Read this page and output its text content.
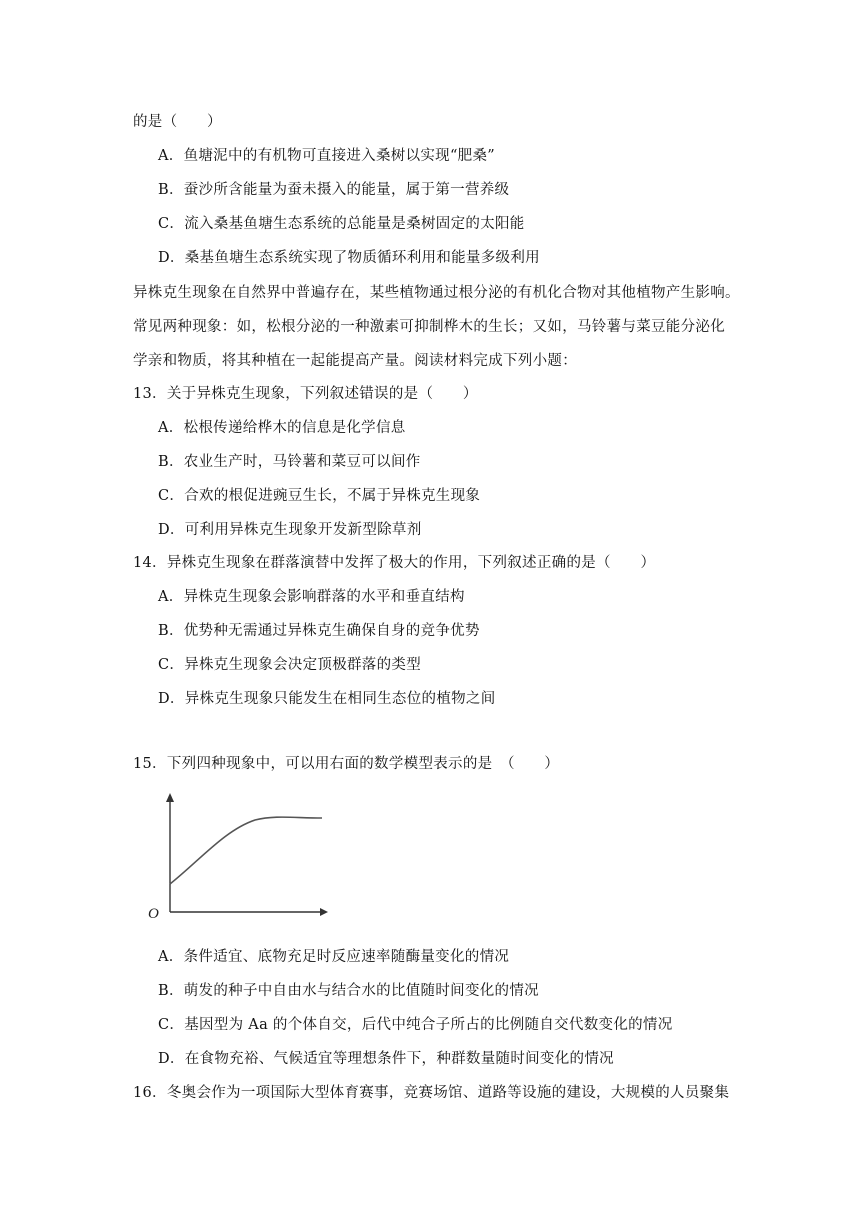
的是（　　）
A．鱼塘泥中的有机物可直接进入桑树以实现“肥桑”
B．蚕沙所含能量为蚕未摄入的能量，属于第一营养级
C．流入桑基鱼塘生态系统的总能量是桑树固定的太阳能
D．桑基鱼塘生态系统实现了物质循环利用和能量多级利用
异株克生现象在自然界中普遍存在，某些植物通过根分泌的有机化合物对其他植物产生影响。
常见两种现象：如，松根分泌的一种激素可抑制桦木的生长；又如，马铃薯与菜豆能分泌化
学亲和物质，将其种植在一起能提高产量。阅读材料完成下列小题：
13．关于异株克生现象，下列叙述错误的是（　　）
A．松根传递给桦木的信息是化学信息
B．农业生产时，马铃薯和菜豆可以间作
C．合欢的根促进豌豆生长，不属于异株克生现象
D．可利用异株克生现象开发新型除草剂
14．异株克生现象在群落演替中发挥了极大的作用，下列叙述正确的是（　　）
A．异株克生现象会影响群落的水平和垂直结构
B．优势种无需通过异株克生确保自身的竞争优势
C．异株克生现象会决定顶极群落的类型
D．异株克生现象只能发生在相同生态位的植物之间
15．下列四种现象中，可以用右面的数学模型表示的是　（　　）
O
A．条件适宜、底物充足时反应速率随酶量变化的情况
B．萌发的种子中自由水与结合水的比值随时间变化的情况
C．基因型为 Aa 的个体自交，后代中纯合子所占的比例随自交代数变化的情况
D．在食物充裕、气候适宜等理想条件下，种群数量随时间变化的情况
16．冬奥会作为一项国际大型体育赛事，竞赛场馆、道路等设施的建设，大规模的人员聚集
